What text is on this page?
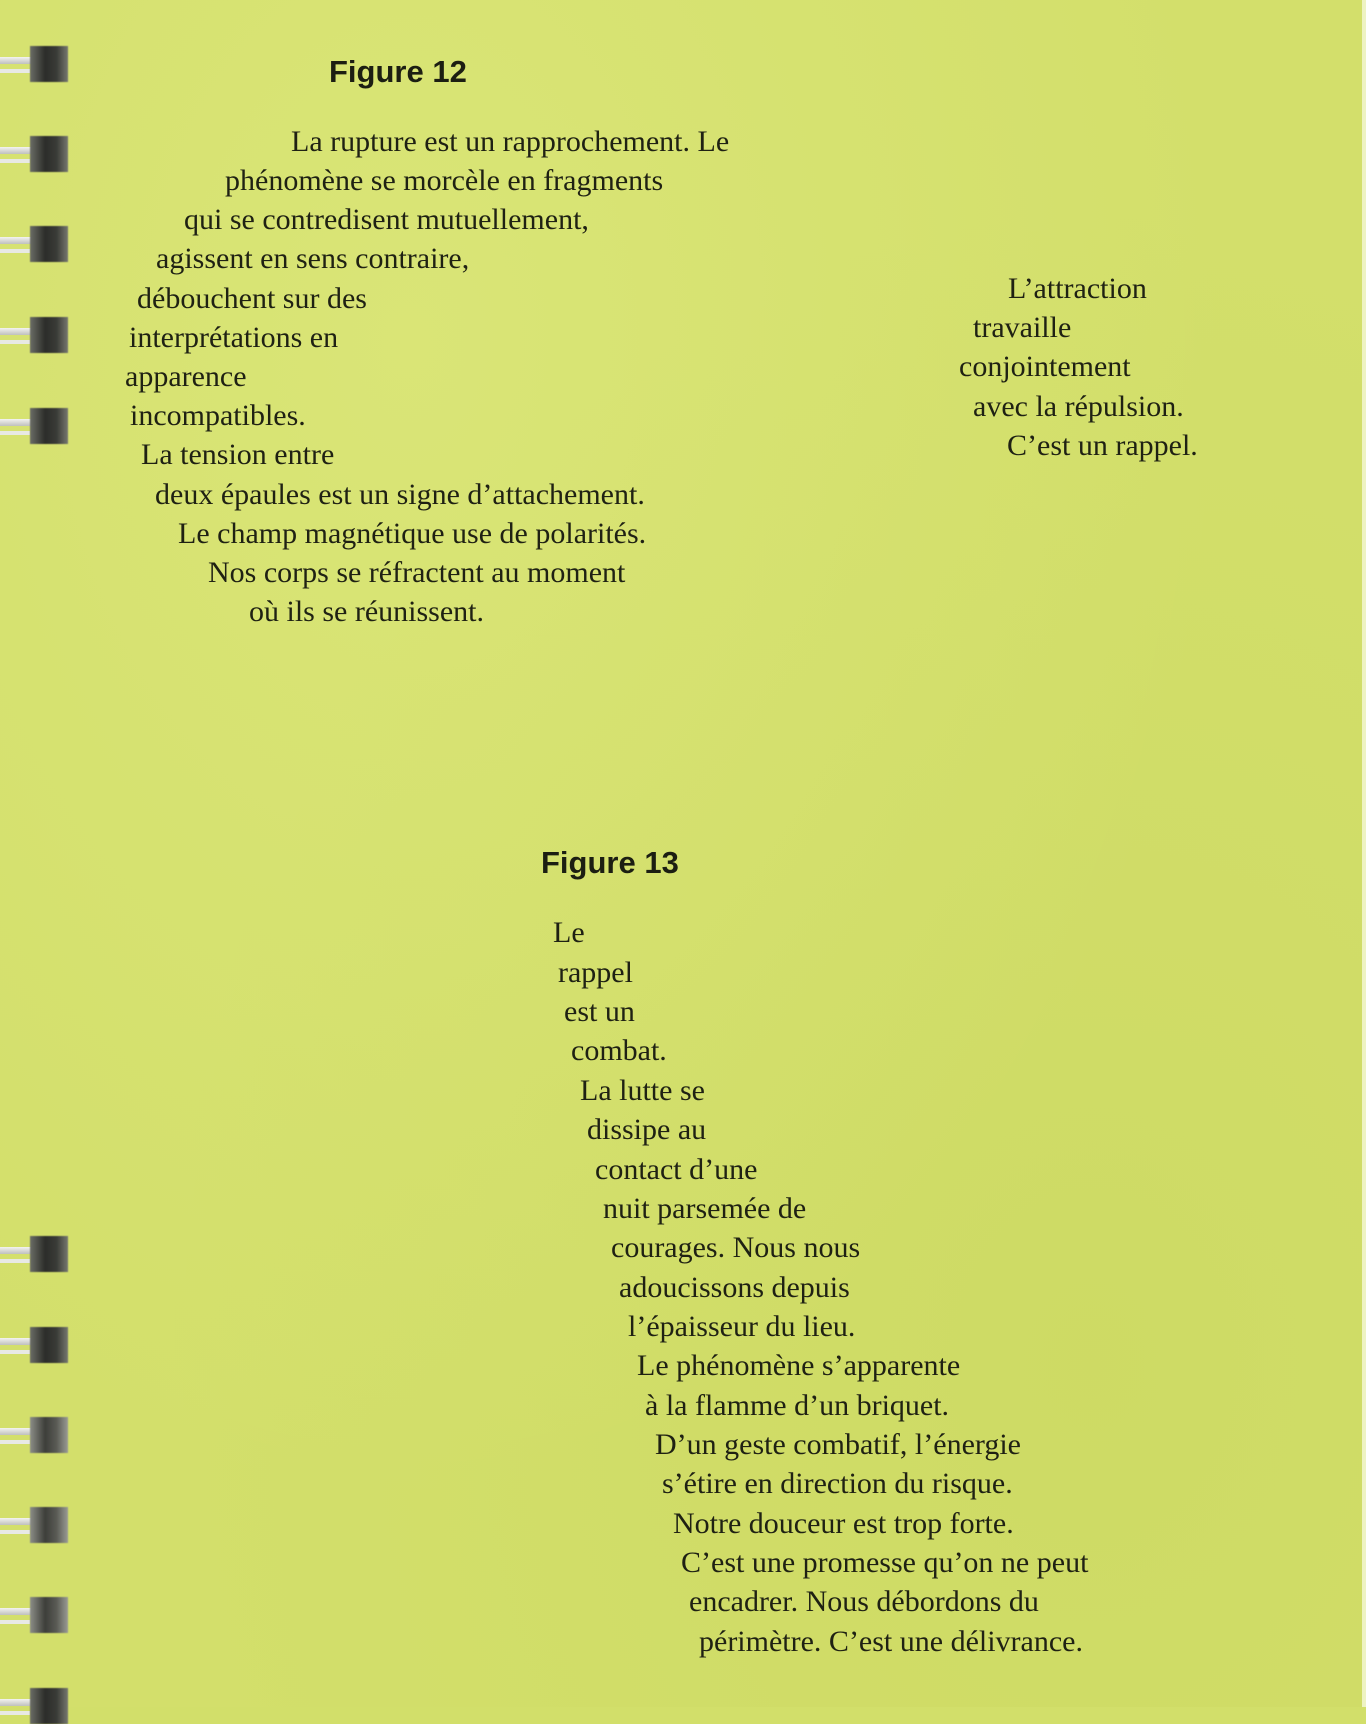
Figure 12
La rupture est un rapprochement. Le
phénomène se morcèle en fragments
qui se contredisent mutuellement,
agissent en sens contraire,
débouchent sur des
interprétations en
apparence
incompatibles.
La tension entre
deux épaules est un signe d’attachement.
Le champ magnétique use de polarités.
Nos corps se réfractent au moment
où ils se réunissent.
L’attraction
travaille
conjointement
avec la répulsion.
C’est un rappel.
Figure 13
Le
rappel
est un
combat.
La lutte se
dissipe au
contact d’une
nuit parsemée de
courages. Nous nous
adoucissons depuis
l’épaisseur du lieu.
Le phénomène s’apparente
à la flamme d’un briquet.
D’un geste combatif, l’énergie
s’étire en direction du risque.
Notre douceur est trop forte.
C’est une promesse qu’on ne peut
encadrer. Nous débordons du
périmètre. C’est une délivrance.
